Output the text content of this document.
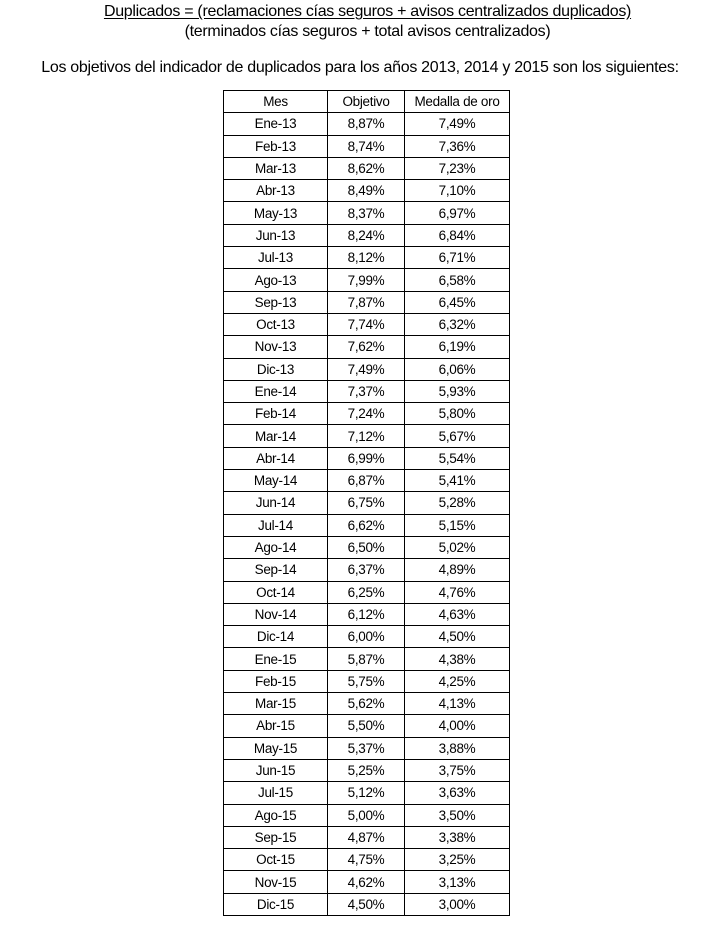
Duplicados = (reclamaciones cías seguros + avisos centralizados duplicados)
(terminados cías seguros + total avisos centralizados)
Los objetivos del indicador de duplicados para los años 2013, 2014 y 2015 son los siguientes:
Mes	Objetivo	Medalla de oro
Ene-13	8,87%	7,49%
Feb-13	8,74%	7,36%
Mar-13	8,62%	7,23%
Abr-13	8,49%	7,10%
May-13	8,37%	6,97%
Jun-13	8,24%	6,84%
Jul-13	8,12%	6,71%
Ago-13	7,99%	6,58%
Sep-13	7,87%	6,45%
Oct-13	7,74%	6,32%
Nov-13	7,62%	6,19%
Dic-13	7,49%	6,06%
Ene-14	7,37%	5,93%
Feb-14	7,24%	5,80%
Mar-14	7,12%	5,67%
Abr-14	6,99%	5,54%
May-14	6,87%	5,41%
Jun-14	6,75%	5,28%
Jul-14	6,62%	5,15%
Ago-14	6,50%	5,02%
Sep-14	6,37%	4,89%
Oct-14	6,25%	4,76%
Nov-14	6,12%	4,63%
Dic-14	6,00%	4,50%
Ene-15	5,87%	4,38%
Feb-15	5,75%	4,25%
Mar-15	5,62%	4,13%
Abr-15	5,50%	4,00%
May-15	5,37%	3,88%
Jun-15	5,25%	3,75%
Jul-15	5,12%	3,63%
Ago-15	5,00%	3,50%
Sep-15	4,87%	3,38%
Oct-15	4,75%	3,25%
Nov-15	4,62%	3,13%
Dic-15	4,50%	3,00%
